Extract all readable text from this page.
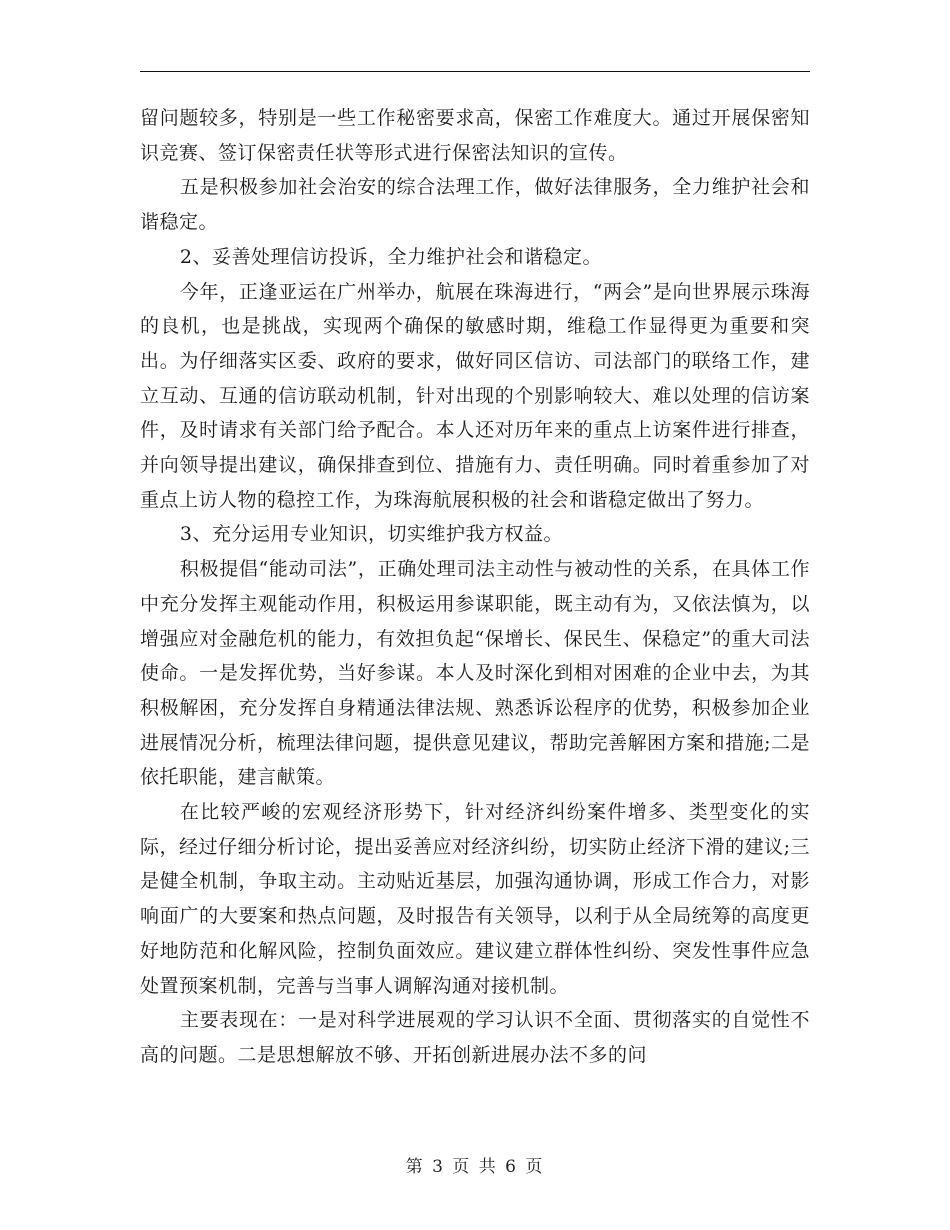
留问题较多，特别是一些工作秘密要求高，保密工作难度大。通过开展保密知识竞赛、签订保密责任状等形式进行保密法知识的宣传。

五是积极参加社会治安的综合法理工作，做好法律服务，全力维护社会和谐稳定。

2、妥善处理信访投诉，全力维护社会和谐稳定。

今年，正逢亚运在广州举办，航展在珠海进行，“两会”是向世界展示珠海的良机，也是挑战，实现两个确保的敏感时期，维稳工作显得更为重要和突出。为仔细落实区委、政府的要求，做好同区信访、司法部门的联络工作，建立互动、互通的信访联动机制，针对出现的个别影响较大、难以处理的信访案件，及时请求有关部门给予配合。本人还对历年来的重点上访案件进行排查，并向领导提出建议，确保排查到位、措施有力、责任明确。同时着重参加了对重点上访人物的稳控工作，为珠海航展积极的社会和谐稳定做出了努力。

3、充分运用专业知识，切实维护我方权益。

积极提倡“能动司法”，正确处理司法主动性与被动性的关系，在具体工作中充分发挥主观能动作用，积极运用参谋职能，既主动有为，又依法慎为，以增强应对金融危机的能力，有效担负起“保增长、保民生、保稳定”的重大司法使命。一是发挥优势，当好参谋。本人及时深化到相对困难的企业中去，为其积极解困，充分发挥自身精通法律法规、熟悉诉讼程序的优势，积极参加企业进展情况分析，梳理法律问题，提供意见建议，帮助完善解困方案和措施;二是依托职能，建言献策。

在比较严峻的宏观经济形势下，针对经济纠纷案件增多、类型变化的实际，经过仔细分析讨论，提出妥善应对经济纠纷，切实防止经济下滑的建议;三是健全机制，争取主动。主动贴近基层，加强沟通协调，形成工作合力，对影响面广的大要案和热点问题，及时报告有关领导，以利于从全局统筹的高度更好地防范和化解风险，控制负面效应。建议建立群体性纠纷、突发性事件应急处置预案机制，完善与当事人调解沟通对接机制。

主要表现在：一是对科学进展观的学习认识不全面、贯彻落实的自觉性不高的问题。二是思想解放不够、开拓创新进展办法不多的问

第 3 页 共 6 页
